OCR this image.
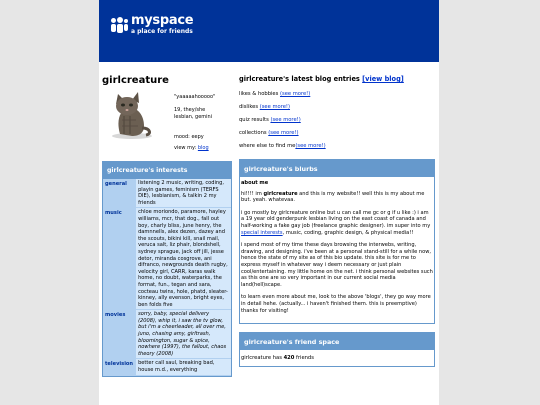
myspace
a place for friends
girlcreature
"yaaaaahooooo"
19, they/she
lesbian, gemini
mood: eepy
view my: blog
girlcreature's interests
general	listening 2 music, writing, coding, playin games, feminism (TERFS DIE), lesbianism, & talkin 2 my friends
music	chloe moriondo, paramore, hayley williams, mcr, that dog., fall out boy, charly bliss, june henry, the damnnells, alex dezen, dazey and the scouts, bikini kill, snail mail, veruca salt, liz phair, blondshell, sydney sprague, jack off jill, jesse detor, miranda cosgrove, ani difranco, newgrounds death rugby, velocity girl, CARR, karas walk home, no doubt, waterparks, the format, fun., tegan and sara, cocteau twins, hole, phatd, sleater-kinney, ally evenson, bright eyes, ben folds five
movies	sorry, baby, special delivery (2008), whip it, i saw the tv glow, but i'm a cheerleader, all over me, juno, chasing amy, girltrash, bloomington, sugar & spice, nowhere (1997), the fallout, chaos theory (2008)
television	better call saul, breaking bad, house m.d., everything
girlcreature's latest blog entries [view blog]
likes & hobbies (see more!)
dislikes (see more!)
quiz results (see more!)
collections (see more!)
where else to find me(see more!)
girlcreature's blurbs
about me

hi!!!! im girlcreature and this is my website!! well this is my about me but. yeah. whatevaa.

i go mostly by girlcreature online but u can call me gc or g if u like :) i am a 19 year old genderpunk lesbian living on the east coast of canada and half-working a fake gay job (freelance graphic designer). im super into my special interests, music, coding, graphic design, & physical media!!

i spend most of my time these days browsing the interwebs, writing, drawing, and designing. i've been at a personal stand-still for a while now, hence the state of my site as of this bio update. this site is for me to express myself in whatever way i deem necessary or just plain cool/entertaining. my little home on the net. i think personal websites such as this one are so very important in our current social media land(hell)scape.

to learn even more about me, look to the above 'blogs', they go way more in detail hehe. (actually... i haven't finished them. this is preemptive) thanks for visiting!

girlcreature's friend space
girlcreature has 420 friends
